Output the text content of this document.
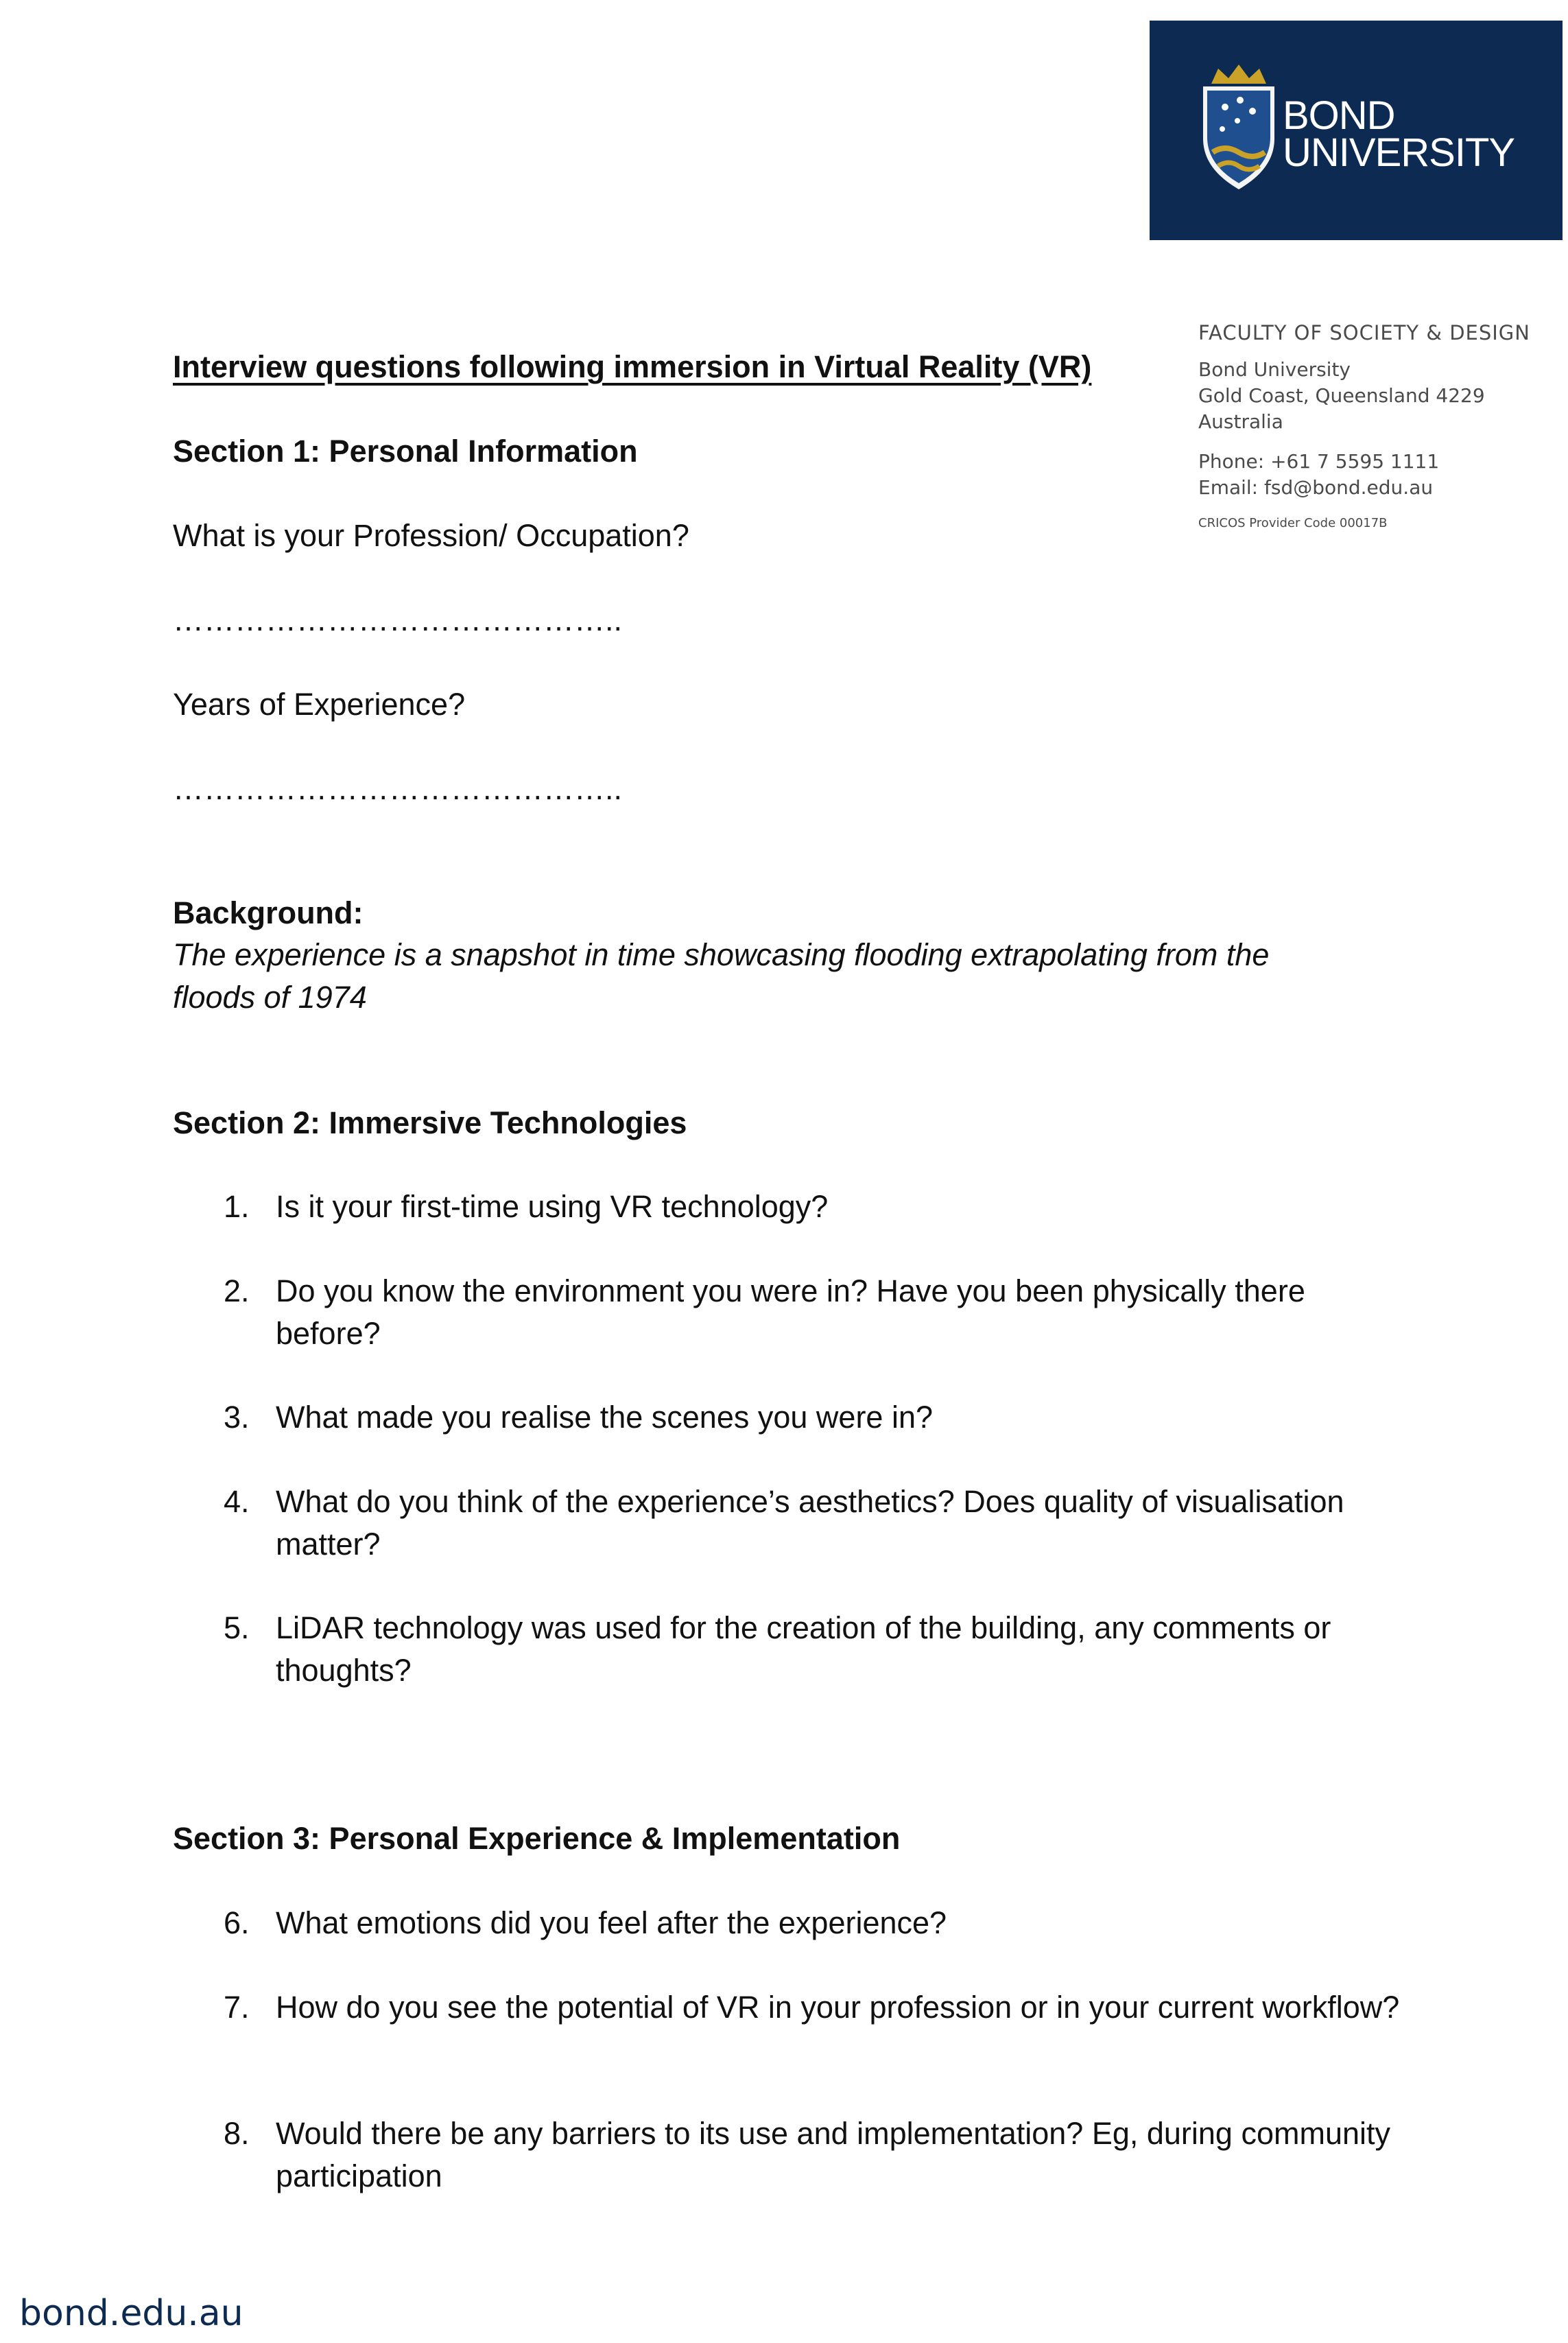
BOND
UNIVERSITY
FACULTY OF SOCIETY & DESIGN
Bond University
Gold Coast, Queensland 4229
Australia
Phone: +61 7 5595 1111
Email: fsd@bond.edu.au
CRICOS Provider Code 00017B
Interview questions following immersion in Virtual Reality (VR)
Section 1: Personal Information
What is your Profession/ Occupation?
……………………………………..
Years of Experience?
……………………………………..
Background:
The experience is a snapshot in time showcasing flooding extrapolating from the floods of 1974
Section 2: Immersive Technologies
1. Is it your first-time using VR technology?
2. Do you know the environment you were in? Have you been physically there before?
3. What made you realise the scenes you were in?
4. What do you think of the experience’s aesthetics? Does quality of visualisation matter?
5. LiDAR technology was used for the creation of the building, any comments or thoughts?
Section 3: Personal Experience & Implementation
6. What emotions did you feel after the experience?
7. How do you see the potential of VR in your profession or in your current workflow?
8. Would there be any barriers to its use and implementation? Eg, during community participation
bond.edu.au
